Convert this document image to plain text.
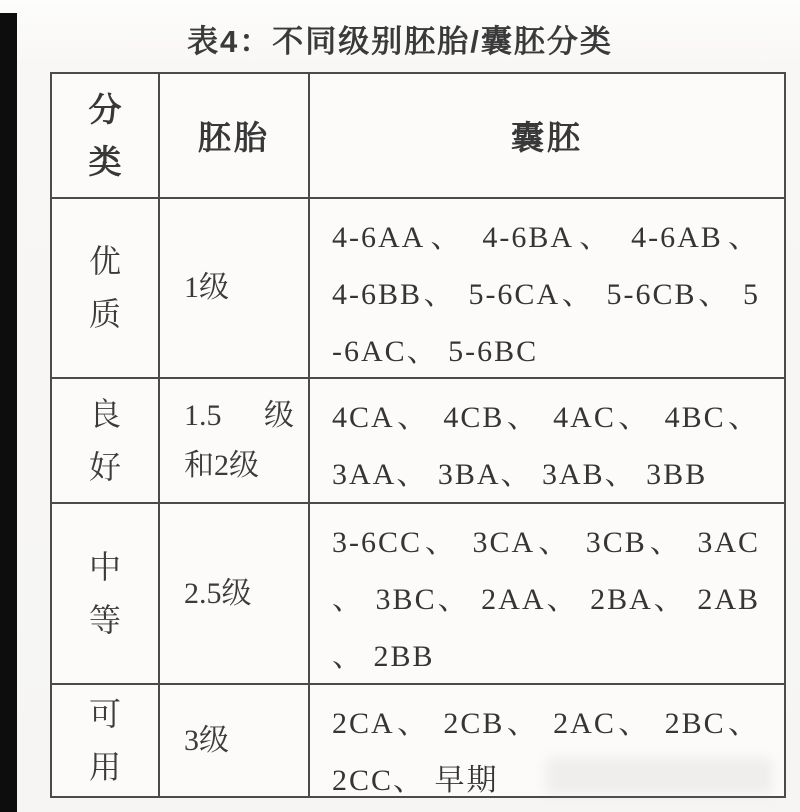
表4：不同级别胚胎/囊胚分类
分
类
胚胎	囊胚
优
质
1级
4-6AA、 4-6BA、 4-6AB、
4-6BB、 5-6CA、 5-6CB、 5
-6AC、 5-6BC
良
好
1.5 级
和2级
4CA、 4CB、 4AC、 4BC、
3AA、 3BA、 3AB、 3BB
中
等
2.5级
3-6CC、 3CA、 3CB、 3AC
、 3BC、 2AA、 2BA、 2AB
、 2BB
可
用
3级	2CA、 2CB、 2AC、 2BC、
2CC、 早期
